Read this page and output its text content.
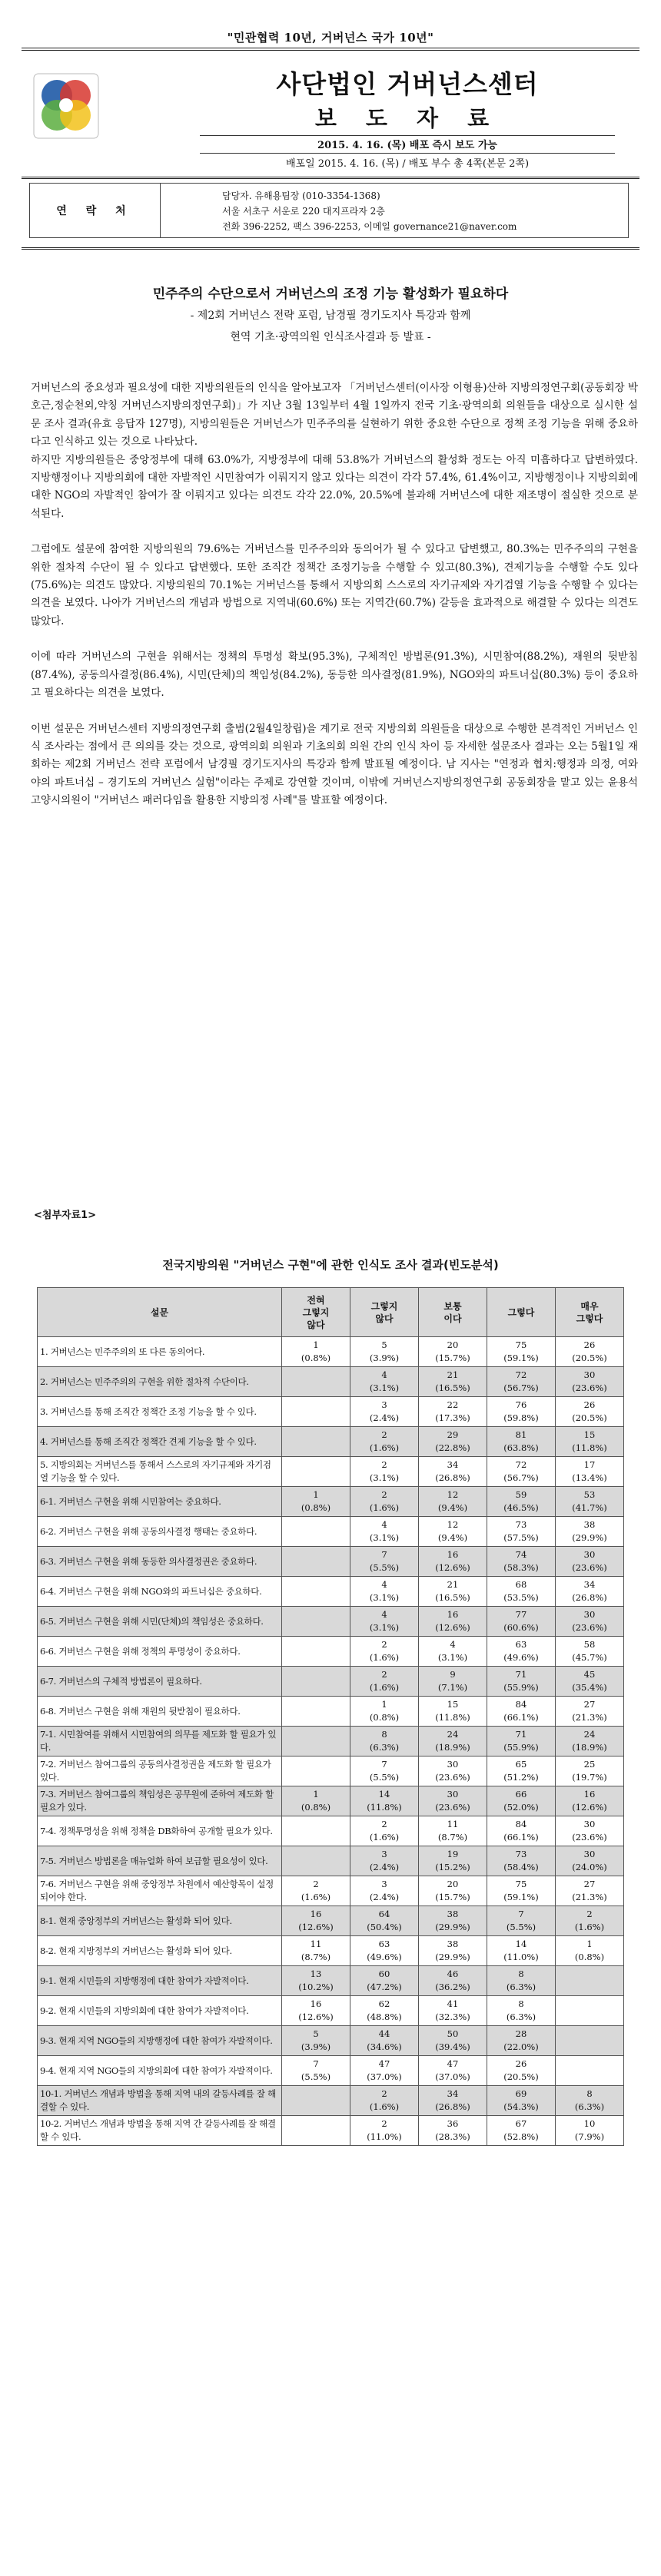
"민관협력 10년, 거버넌스 국가 10년"
사단법인 거버넌스센터
보 도 자 료
2015. 4. 16. (목) 배포 즉시 보도 가능
배포일 2015. 4. 16. (목) / 배포 부수 총 4쪽(본문 2쪽)
연 락 처
담당자. 유해용팀장 (010-3354-1368)
서울 서초구 서운로 220 대지프라자 2층
전화 396-2252, 팩스 396-2253, 이메일 governance21@naver.com
민주주의 수단으로서 거버넌스의 조정 기능 활성화가 필요하다
- 제2회 거버넌스 전략 포럼, 남경필 경기도지사 특강과 함께
현역 기초·광역의원 인식조사결과 등 발표 -

거버넌스의 중요성과 필요성에 대한 지방의원들의 인식을 알아보고자 「거버넌스센터(이사장 이형용)산하 지방의정연구회(공동회장 박호근,정순천외,약칭 거버넌스지방의정연구회)」가 지난 3월 13일부터 4월 1일까지 전국 기초·광역의회 의원들을 대상으로 실시한 설문 조사 결과(유효 응답자 127명), 지방의원들은 거버넌스가 민주주의를 실현하기 위한 중요한 수단으로 정책 조정 기능을 위해 중요하다고 인식하고 있는 것으로 나타났다.

하지만 지방의원들은 중앙정부에 대해 63.0%가, 지방정부에 대해 53.8%가 거버넌스의 활성화 정도는 아직 미흡하다고 답변하였다. 지방행정이나 지방의회에 대한 자발적인 시민참여가 이뤄지지 않고 있다는 의견이 각각 57.4%, 61.4%이고, 지방행정이나 지방의회에 대한 NGO의 자발적인 참여가 잘 이뤄지고 있다는 의견도 각각 22.0%, 20.5%에 불과해 거버넌스에 대한 재조명이 절실한 것으로 분석된다.

그럼에도 설문에 참여한 지방의원의 79.6%는 거버넌스를 민주주의와 동의어가 될 수 있다고 답변했고, 80.3%는 민주주의의 구현을 위한 절차적 수단이 될 수 있다고 답변했다. 또한 조직간 정책간 조정기능을 수행할 수 있고(80.3%), 견제기능을 수행할 수도 있다(75.6%)는 의견도 많았다. 지방의원의 70.1%는 거버넌스를 통해서 지방의회 스스로의 자기규제와 자기검열 기능을 수행할 수 있다는 의견을 보였다. 나아가 거버넌스의 개념과 방법으로 지역내(60.6%) 또는 지역간(60.7%) 갈등을 효과적으로 해결할 수 있다는 의견도 많았다.

이에 따라 거버넌스의 구현을 위해서는 정책의 투명성 확보(95.3%), 구체적인 방법론(91.3%), 시민참여(88.2%), 재원의 뒷받침(87.4%), 공동의사결정(86.4%), 시민(단체)의 책임성(84.2%), 동등한 의사결정(81.9%), NGO와의 파트너십(80.3%) 등이 중요하고 필요하다는 의견을 보였다.

이번 설문은 거버넌스센터 지방의정연구회 출범(2월4일창립)을 계기로 전국 지방의회 의원들을 대상으로 수행한 본격적인 거버넌스 인식 조사라는 점에서 큰 의의를 갖는 것으로, 광역의회 의원과 기초의회 의원 간의 인식 차이 등 자세한 설문조사 결과는 오는 5월1일 재회하는 제2회 거버넌스 전략 포럼에서 남경필 경기도지사의 특강과 함께 발표될 예정이다. 남 지사는 "연정과 협치:행정과 의정, 여와 야의 파트너십 – 경기도의 거버넌스 실험"이라는 주제로 강연할 것이며, 이밖에 거버넌스지방의정연구회 공동회장을 맡고 있는 윤용석 고양시의원이 "거버넌스 패러다임을 활용한 지방의정 사례"를 발표할 예정이다.

<첨부자료1>
전국지방의원 "거버넌스 구현"에 관한 인식도 조사 결과(빈도분석)
설문	전혀
그렇지
않다	그렇지
않다	보통
이다	그렇다	매우
그렇다
1. 거버넌스는 민주주의의 또 다른 동의어다.	1
(0.8%)	5
(3.9%)	20
(15.7%)	75
(59.1%)	26
(20.5%)

2. 거버넌스는 민주주의의 구현을 위한 절차적 수단이다.		4
(3.1%)	21
(16.5%)	72
(56.7%)	30
(23.6%)

3. 거버넌스를 통해 조직간 정책간 조정 기능을 할 수 있다.		3
(2.4%)	22
(17.3%)	76
(59.8%)	26
(20.5%)

4. 거버넌스를 통해 조직간 정책간 견제 기능을 할 수 있다.		2
(1.6%)	29
(22.8%)	81
(63.8%)	15
(11.8%)

5. 지방의회는 거버넌스를 통해서 스스로의 자기규제와 자기검열 기능을 할 수 있다.		2
(3.1%)	34
(26.8%)	72
(56.7%)	17
(13.4%)

6-1. 거버넌스 구현을 위해 시민참여는 중요하다.	1
(0.8%)	2
(1.6%)	12
(9.4%)	59
(46.5%)	53
(41.7%)

6-2. 거버넌스 구현을 위해 공동의사결정 행태는 중요하다.		4
(3.1%)	12
(9.4%)	73
(57.5%)	38
(29.9%)

6-3. 거버넌스 구현을 위해 동등한 의사결정권은 중요하다.		7
(5.5%)	16
(12.6%)	74
(58.3%)	30
(23.6%)

6-4. 거버넌스 구현을 위해 NGO와의 파트너십은 중요하다.		4
(3.1%)	21
(16.5%)	68
(53.5%)	34
(26.8%)

6-5. 거버넌스 구현을 위해 시민(단체)의 책임성은 중요하다.		4
(3.1%)	16
(12.6%)	77
(60.6%)	30
(23.6%)

6-6. 거버넌스 구현을 위해 정책의 투명성이 중요하다.		2
(1.6%)	4
(3.1%)	63
(49.6%)	58
(45.7%)

6-7. 거버넌스의 구체적 방법론이 필요하다.		2
(1.6%)	9
(7.1%)	71
(55.9%)	45
(35.4%)

6-8. 거버넌스 구현을 위해 재원의 뒷받침이 필요하다.		1
(0.8%)	15
(11.8%)	84
(66.1%)	27
(21.3%)

7-1. 시민참여를 위해서 시민참여의 의무를 제도화 할 필요가 있다.		8
(6.3%)	24
(18.9%)	71
(55.9%)	24
(18.9%)

7-2. 거버넌스 참여그룹의 공동의사결정권을 제도화 할 필요가 있다.		7
(5.5%)	30
(23.6%)	65
(51.2%)	25
(19.7%)

7-3. 거버넌스 참여그룹의 책임성은 공무원에 준하여 제도화 할 필요가 있다.	1
(0.8%)	14
(11.8%)	30
(23.6%)	66
(52.0%)	16
(12.6%)

7-4. 정책투명성을 위해 정책을 DB화하여 공개할 필요가 있다.		2
(1.6%)	11
(8.7%)	84
(66.1%)	30
(23.6%)

7-5. 거버넌스 방법론을 매뉴얼화 하여 보급할 필요성이 있다.		3
(2.4%)	19
(15.2%)	73
(58.4%)	30
(24.0%)

7-6. 거버넌스 구현을 위해 중앙정부 차원에서 예산항목이 설정되어야 한다.	2
(1.6%)	3
(2.4%)	20
(15.7%)	75
(59.1%)	27
(21.3%)

8-1. 현재 중앙정부의 거버넌스는 활성화 되어 있다.	16
(12.6%)	64
(50.4%)	38
(29.9%)	7
(5.5%)	2
(1.6%)

8-2. 현재 지방정부의 거버넌스는 활성화 되어 있다.	11
(8.7%)	63
(49.6%)	38
(29.9%)	14
(11.0%)	1
(0.8%)

9-1. 현재 시민들의 지방행정에 대한 참여가 자발적이다.	13
(10.2%)	60
(47.2%)	46
(36.2%)	8
(6.3%)	

9-2. 현재 시민들의 지방의회에 대한 참여가 자발적이다.	16
(12.6%)	62
(48.8%)	41
(32.3%)	8
(6.3%)	

9-3. 현재 지역 NGO들의 지방행정에 대한 참여가 자발적이다.	5
(3.9%)	44
(34.6%)	50
(39.4%)	28
(22.0%)	

9-4. 현재 지역 NGO들의 지방의회에 대한 참여가 자발적이다.	7
(5.5%)	47
(37.0%)	47
(37.0%)	26
(20.5%)	

10-1. 거버넌스 개념과 방법을 통해 지역 내의 갈등사례를 잘 해결할 수 있다.		2
(1.6%)	34
(26.8%)	69
(54.3%)	8
(6.3%)

10-2. 거버넌스 개념과 방법을 통해 지역 간 갈등사례를 잘 해결할 수 있다.		2
(11.0%)	36
(28.3%)	67
(52.8%)	10
(7.9%)
